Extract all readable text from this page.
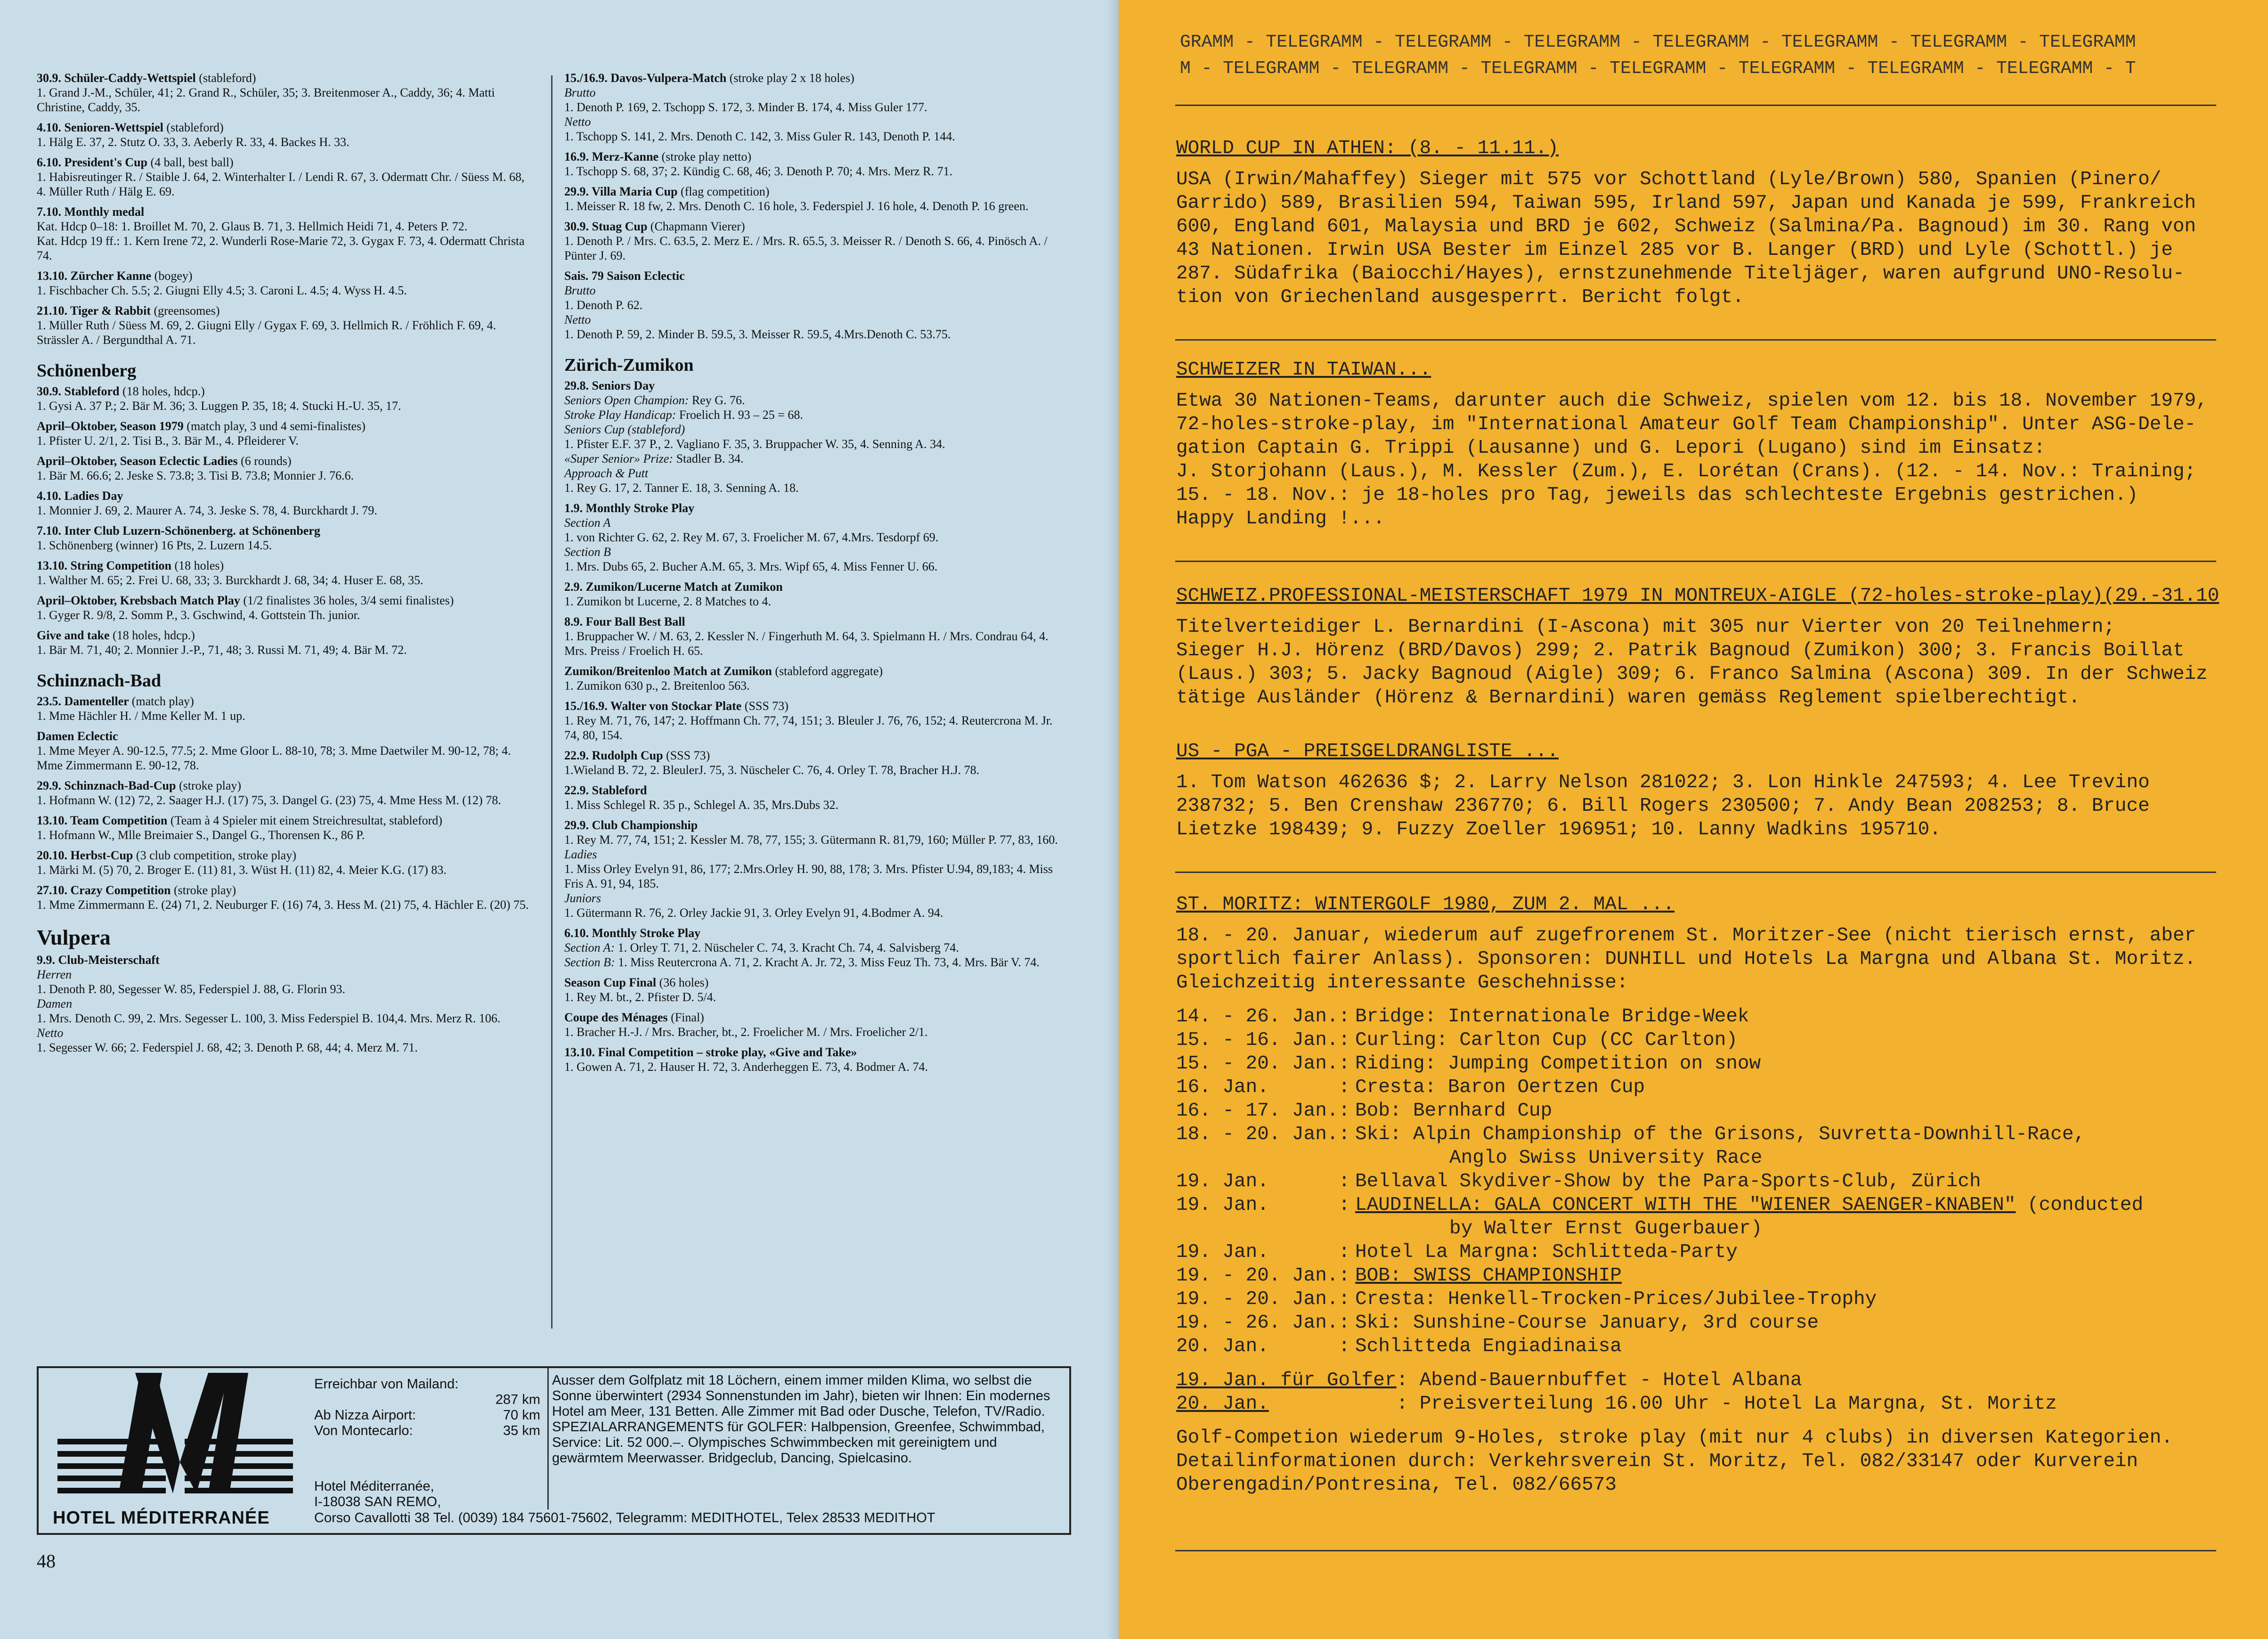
30.9. Schüler-Caddy-Wettspiel (stableford)
1. Grand J.-M., Schüler, 41; 2. Grand R., Schüler, 35; 3. Breitenmoser A., Caddy, 36; 4. Matti Christine, Caddy, 35.
4.10. Senioren-Wettspiel (stableford)
1. Hälg E. 37, 2. Stutz O. 33, 3. Aeberly R. 33, 4. Backes H. 33.
6.10. President's Cup (4 ball, best ball)
1. Habisreutinger R. / Staible J. 64, 2. Winterhalter I. / Lendi R. 67, 3. Odermatt Chr. / Süess M. 68, 4. Müller Ruth / Hälg E. 69.
7.10. Monthly medal
Kat. Hdcp 0–18: 1. Broillet M. 70, 2. Glaus B. 71, 3. Hellmich Heidi 71, 4. Peters P. 72.
Kat. Hdcp 19 ff.: 1. Kern Irene 72, 2. Wunderli Rose-Marie 72, 3. Gygax F. 73, 4. Odermatt Christa 74.
13.10. Zürcher Kanne (bogey)
1. Fischbacher Ch. 5.5; 2. Giugni Elly 4.5; 3. Caroni L. 4.5; 4. Wyss H. 4.5.
21.10. Tiger & Rabbit (greensomes)
1. Müller Ruth / Süess M. 69, 2. Giugni Elly / Gygax F. 69, 3. Hellmich R. / Fröhlich F. 69, 4. Strässler A. / Bergundthal A. 71.
Schönenberg
30.9. Stableford (18 holes, hdcp.)
1. Gysi A. 37 P.; 2. Bär M. 36; 3. Luggen P. 35, 18; 4. Stucki H.-U. 35, 17.
April–Oktober, Season 1979 (match play, 3 und 4 semi-finalistes)
1. Pfister U. 2/1, 2. Tisi B., 3. Bär M., 4. Pfleiderer V.
April–Oktober, Season Eclectic Ladies (6 rounds)
1. Bär M. 66.6; 2. Jeske S. 73.8; 3. Tisi B. 73.8; Monnier J. 76.6.
4.10. Ladies Day
1. Monnier J. 69, 2. Maurer A. 74, 3. Jeske S. 78, 4. Burckhardt J. 79.
7.10. Inter Club Luzern-Schönenberg. at Schönenberg
1. Schönenberg (winner) 16 Pts, 2. Luzern 14.5.
13.10. String Competition (18 holes)
1. Walther M. 65; 2. Frei U. 68, 33; 3. Burckhardt J. 68, 34; 4. Huser E. 68, 35.
April–Oktober, Krebsbach Match Play (1/2 finalistes 36 holes, 3/4 semi finalistes)
1. Gyger R. 9/8, 2. Somm P., 3. Gschwind, 4. Gottstein Th. junior.
Give and take (18 holes, hdcp.)
1. Bär M. 71, 40; 2. Monnier J.-P., 71, 48; 3. Russi M. 71, 49; 4. Bär M. 72.
Schinznach-Bad
23.5. Damenteller (match play)
1. Mme Hächler H. / Mme Keller M. 1 up.
Damen Eclectic
1. Mme Meyer A. 90-12.5, 77.5; 2. Mme Gloor L. 88-10, 78; 3. Mme Daetwiler M. 90-12, 78; 4. Mme Zimmermann E. 90-12, 78.
29.9. Schinznach-Bad-Cup (stroke play)
1. Hofmann W. (12) 72, 2. Saager H.J. (17) 75, 3. Dangel G. (23) 75, 4. Mme Hess M. (12) 78.
13.10. Team Competition (Team à 4 Spieler mit einem Streichresultat, stableford)
1. Hofmann W., Mlle Breimaier S., Dangel G., Thorensen K., 86 P.
20.10. Herbst-Cup (3 club competition, stroke play)
1. Märki M. (5) 70, 2. Broger E. (11) 81, 3. Wüst H. (11) 82, 4. Meier K.G. (17) 83.
27.10. Crazy Competition (stroke play)
1. Mme Zimmermann E. (24) 71, 2. Neuburger F. (16) 74, 3. Hess M. (21) 75, 4. Hächler E. (20) 75.
Vulpera
9.9. Club-Meisterschaft
Herren
1. Denoth P. 80, Segesser W. 85, Federspiel J. 88, G. Florin 93.
Damen
1. Mrs. Denoth C. 99, 2. Mrs. Segesser L. 100, 3. Miss Federspiel B. 104,4. Mrs. Merz R. 106.
Netto
1. Segesser W. 66; 2. Federspiel J. 68, 42; 3. Denoth P. 68, 44; 4. Merz M. 71.
15./16.9. Davos-Vulpera-Match (stroke play 2 x 18 holes)
Brutto
1. Denoth P. 169, 2. Tschopp S. 172, 3. Minder B. 174, 4. Miss Guler 177.
Netto
1. Tschopp S. 141, 2. Mrs. Denoth C. 142, 3. Miss Guler R. 143, Denoth P. 144.
16.9. Merz-Kanne (stroke play netto)
1. Tschopp S. 68, 37; 2. Kündig C. 68, 46; 3. Denoth P. 70; 4. Mrs. Merz R. 71.
29.9. Villa Maria Cup (flag competition)
1. Meisser R. 18 fw, 2. Mrs. Denoth C. 16 hole, 3. Federspiel J. 16 hole, 4. Denoth P. 16 green.
30.9. Stuag Cup (Chapmann Vierer)
1. Denoth P. / Mrs. C. 63.5, 2. Merz E. / Mrs. R. 65.5, 3. Meisser R. / Denoth S. 66, 4. Pinösch A. / Pünter J. 69.
Sais. 79 Saison Eclectic
Brutto
1. Denoth P. 62.
Netto
1. Denoth P. 59, 2. Minder B. 59.5, 3. Meisser R. 59.5, 4.Mrs.Denoth C. 53.75.
Zürich-Zumikon
29.8. Seniors Day
Seniors Open Champion: Rey G. 76.
Stroke Play Handicap: Froelich H. 93 – 25 = 68.
Seniors Cup (stableford)
1. Pfister E.F. 37 P., 2. Vagliano F. 35, 3. Bruppacher W. 35, 4. Senning A. 34.
«Super Senior» Prize: Stadler B. 34.
Approach & Putt
1. Rey G. 17, 2. Tanner E. 18, 3. Senning A. 18.
1.9. Monthly Stroke Play
Section A
1. von Richter G. 62, 2. Rey M. 67, 3. Froelicher M. 67, 4.Mrs. Tesdorpf 69.
Section B
1. Mrs. Dubs 65, 2. Bucher A.M. 65, 3. Mrs. Wipf 65, 4. Miss Fenner U. 66.
2.9. Zumikon/Lucerne Match at Zumikon
1. Zumikon bt Lucerne, 2. 8 Matches to 4.
8.9. Four Ball Best Ball
1. Bruppacher W. / M. 63, 2. Kessler N. / Fingerhuth M. 64, 3. Spielmann H. / Mrs. Condrau 64, 4. Mrs. Preiss / Froelich H. 65.
Zumikon/Breitenloo Match at Zumikon (stableford aggregate)
1. Zumikon 630 p., 2. Breitenloo 563.
15./16.9. Walter von Stockar Plate (SSS 73)
1. Rey M. 71, 76, 147; 2. Hoffmann Ch. 77, 74, 151; 3. Bleuler J. 76, 76, 152; 4. Reutercrona M. Jr. 74, 80, 154.
22.9. Rudolph Cup (SSS 73)
1.Wieland B. 72, 2. BleulerJ. 75, 3. Nüscheler C. 76, 4. Orley T. 78, Bracher H.J. 78.
22.9. Stableford
1. Miss Schlegel R. 35 p., Schlegel A. 35, Mrs.Dubs 32.
29.9. Club Championship
1. Rey M. 77, 74, 151; 2. Kessler M. 78, 77, 155; 3. Gütermann R. 81,79, 160; Müller P. 77, 83, 160.
Ladies
1. Miss Orley Evelyn 91, 86, 177; 2.Mrs.Orley H. 90, 88, 178; 3. Mrs. Pfister U.94, 89,183; 4. Miss Fris A. 91, 94, 185.
Juniors
1. Gütermann R. 76, 2. Orley Jackie 91, 3. Orley Evelyn 91, 4.Bodmer A. 94.
6.10. Monthly Stroke Play
Section A: 1. Orley T. 71, 2. Nüscheler C. 74, 3. Kracht Ch. 74, 4. Salvisberg 74.
Section B: 1. Miss Reutercrona A. 71, 2. Kracht A. Jr. 72, 3. Miss Feuz Th. 73, 4. Mrs. Bär V. 74.
Season Cup Final (36 holes)
1. Rey M. bt., 2. Pfister D. 5/4.
Coupe des Ménages (Final)
1. Bracher H.-J. / Mrs. Bracher, bt., 2. Froelicher M. / Mrs. Froelicher 2/1.
13.10. Final Competition – stroke play, «Give and Take»
1. Gowen A. 71, 2. Hauser H. 72, 3. Anderheggen E. 73, 4. Bodmer A. 74.
HOTEL MÉDITERRANÉE
Erreichbar von Mailand:
287 km
Ab Nizza Airport:	70 km
Von Montecarlo:	35 km
Hotel Méditerranée,
I-18038 SAN REMO,
Ausser dem Golfplatz mit 18 Löchern, einem immer milden Klima, wo selbst die Sonne überwintert (2934 Sonnenstunden im Jahr), bieten wir Ihnen: Ein modernes Hotel am Meer, 131 Betten. Alle Zimmer mit Bad oder Dusche, Telefon, TV/Radio. SPEZIALARRANGEMENTS für GOLFER: Halbpension, Greenfee, Schwimmbad, Service: Lit. 52 000.–. Olympisches Schwimmbecken mit gereinigtem und gewärmtem Meerwasser. Bridgeclub, Dancing, Spielcasino.
Corso Cavallotti 38 Tel. (0039) 184 75601-75602, Telegramm: MEDITHOTEL, Telex 28533 MEDITHOT
48
GRAMM - TELEGRAMM - TELEGRAMM - TELEGRAMM - TELEGRAMM - TELEGRAMM - TELEGRAMM - TELEGRAMM
M - TELEGRAMM - TELEGRAMM - TELEGRAMM - TELEGRAMM - TELEGRAMM - TELEGRAMM - TELEGRAMM - T
WORLD CUP IN ATHEN: (8. - 11.11.)
USA (Irwin/Mahaffey) Sieger mit 575 vor Schottland (Lyle/Brown) 580, Spanien (Pinero/
Garrido) 589, Brasilien 594, Taiwan 595, Irland 597, Japan und Kanada je 599, Frankreich
600, England 601, Malaysia und BRD je 602, Schweiz (Salmina/Pa. Bagnoud) im 30. Rang von
43 Nationen. Irwin USA Bester im Einzel 285 vor B. Langer (BRD) und Lyle (Schottl.) je
287. Südafrika (Baiocchi/Hayes), ernstzunehmende Titeljäger, waren aufgrund UNO-Resolu-
tion von Griechenland ausgesperrt. Bericht folgt.
SCHWEIZER IN TAIWAN...
Etwa 30 Nationen-Teams, darunter auch die Schweiz, spielen vom 12. bis 18. November 1979,
72-holes-stroke-play, im "International Amateur Golf Team Championship". Unter ASG-Dele-
gation Captain G. Trippi (Lausanne) und G. Lepori (Lugano) sind im Einsatz:
J. Storjohann (Laus.), M. Kessler (Zum.), E. Lorétan (Crans). (12. - 14. Nov.: Training;
15. - 18. Nov.: je 18-holes pro Tag, jeweils das schlechteste Ergebnis gestrichen.)
Happy Landing !...
SCHWEIZ.PROFESSIONAL-MEISTERSCHAFT 1979 IN MONTREUX-AIGLE (72-holes-stroke-play)(29.-31.10
Titelverteidiger L. Bernardini (I-Ascona) mit 305 nur Vierter von 20 Teilnehmern;
Sieger H.J. Hörenz (BRD/Davos) 299; 2. Patrik Bagnoud (Zumikon) 300; 3. Francis Boillat
(Laus.) 303; 5. Jacky Bagnoud (Aigle) 309; 6. Franco Salmina (Ascona) 309. In der Schweiz
tätige Ausländer (Hörenz & Bernardini) waren gemäss Reglement spielberechtigt.
US - PGA - PREISGELDRANGLISTE ...
1. Tom Watson 462636 $; 2. Larry Nelson 281022; 3. Lon Hinkle 247593; 4. Lee Trevino
238732; 5. Ben Crenshaw 236770; 6. Bill Rogers 230500; 7. Andy Bean 208253; 8. Bruce
Lietzke 198439; 9. Fuzzy Zoeller 196951; 10. Lanny Wadkins 195710.
ST. MORITZ: WINTERGOLF 1980, ZUM 2. MAL ...
18. - 20. Januar, wiederum auf zugefrorenem St. Moritzer-See (nicht tierisch ernst, aber
sportlich fairer Anlass). Sponsoren: DUNHILL und Hotels La Margna und Albana St. Moritz.
Gleichzeitig interessante Geschehnisse:
14. - 26. Jan.: Bridge: Internationale Bridge-Week
15. - 16. Jan.: Curling: Carlton Cup (CC Carlton)
15. - 20. Jan.: Riding: Jumping Competition on snow
16. Jan.      : Cresta: Baron Oertzen Cup
16. - 17. Jan.: Bob: Bernhard Cup
18. - 20. Jan.: Ski: Alpin Championship of the Grisons, Suvretta-Downhill-Race,
Anglo Swiss University Race
19. Jan.      : Bellaval Skydiver-Show by the Para-Sports-Club, Zürich
19. Jan.      : LAUDINELLA: GALA CONCERT WITH THE "WIENER SAENGER-KNABEN" (conducted
by Walter Ernst Gugerbauer)
19. Jan.      : Hotel La Margna: Schlitteda-Party
19. - 20. Jan.: BOB: SWISS CHAMPIONSHIP
19. - 20. Jan.: Cresta: Henkell-Trocken-Prices/Jubilee-Trophy
19. - 26. Jan.: Ski: Sunshine-Course January, 3rd course
20. Jan.      : Schlitteda Engiadinaisa
19. Jan. für Golfer : Abend-Bauernbuffet - Hotel Albana
20. Jan. : Preisverteilung 16.00 Uhr - Hotel La Margna, St. Moritz
Golf-Competion wiederum 9-Holes, stroke play (mit nur 4 clubs) in diversen Kategorien.
Detailinformationen durch: Verkehrsverein St. Moritz, Tel. 082/33147 oder Kurverein
Oberengadin/Pontresina, Tel. 082/66573
